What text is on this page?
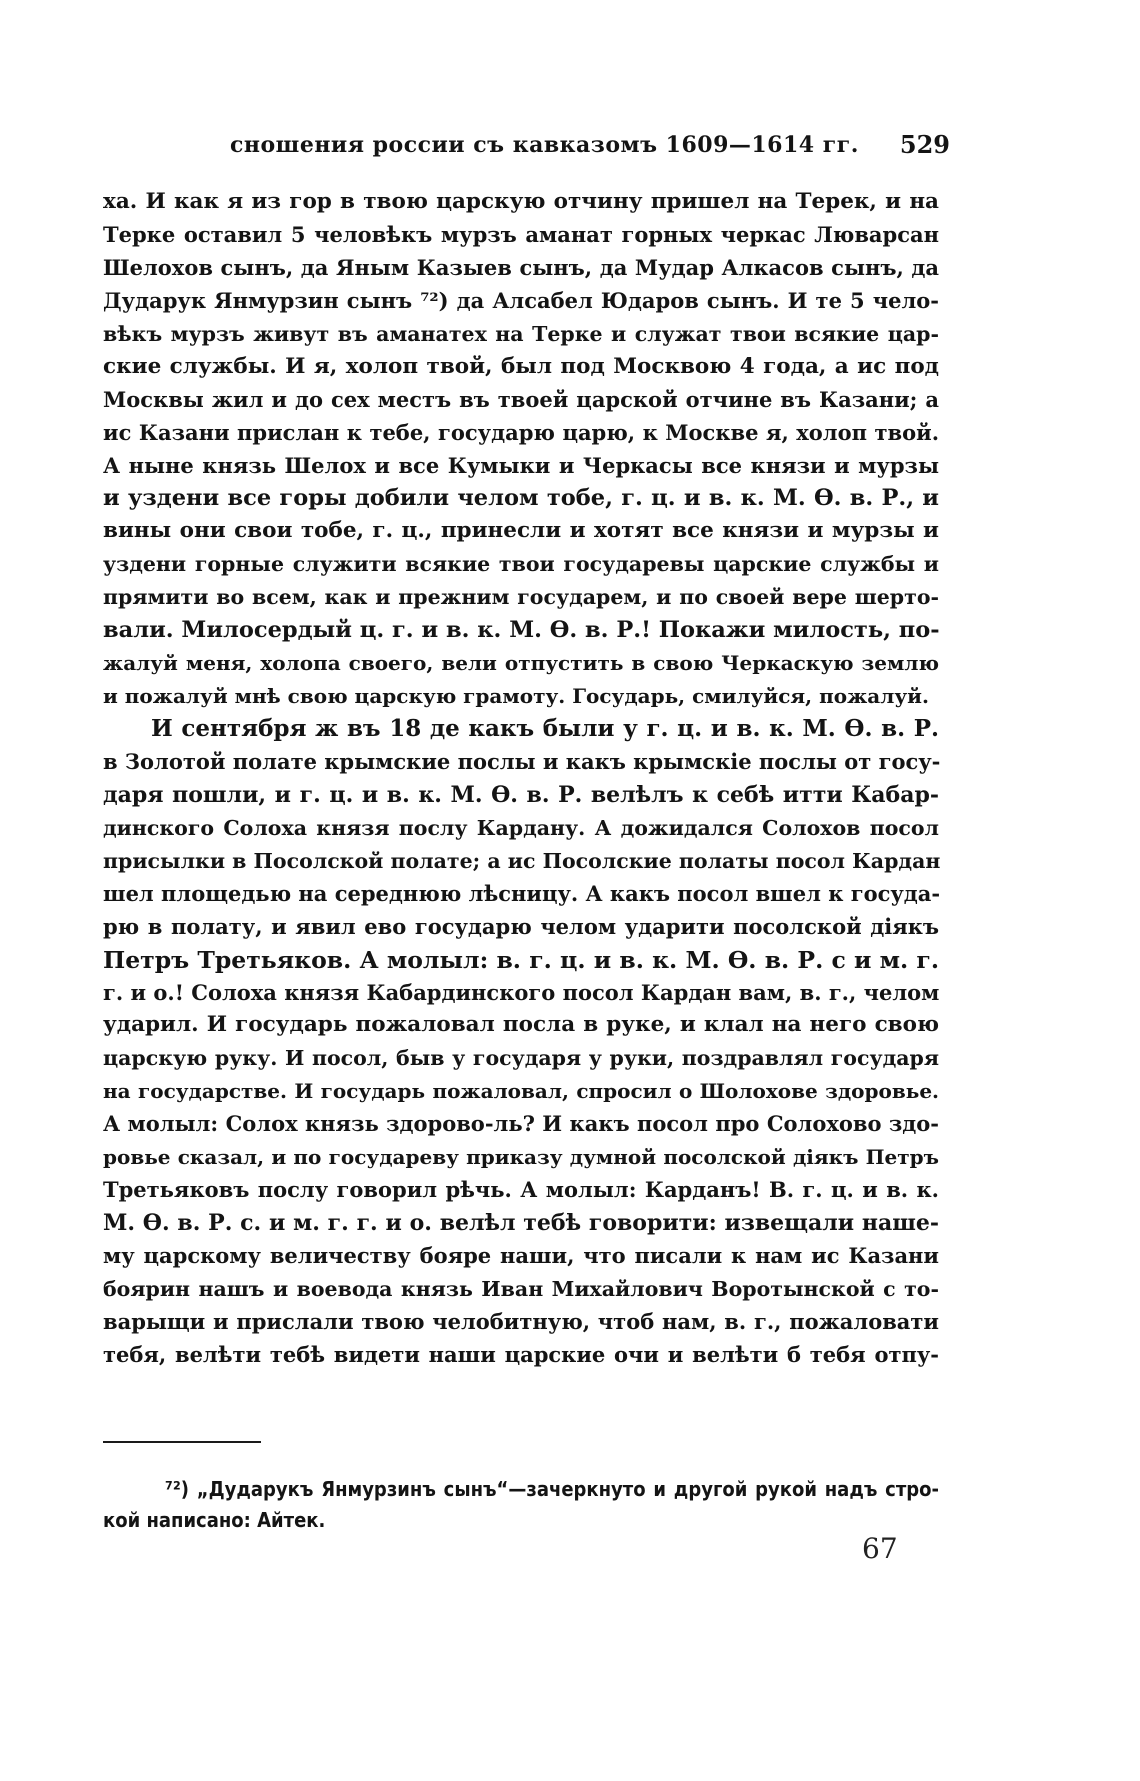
сношения россии съ кавказомъ 1609—1614 гг. 529
ха. И как я из гор в твою царскую отчину пришел на Терек, и на
Терке оставил 5 человѣкъ мурзъ аманат горных черкас Люварсан
Шелохов сынъ, да Яным Казыев сынъ, да Мудар Алкасов сынъ, да
Дударук Янмурзин сынъ ⁷²) да Алсабел Юдаров сынъ. И те 5 чело-
вѣкъ мурзъ живут въ аманатех на Терке и служат твои всякие цар-
ские службы. И я, холоп твой, был под Москвою 4 года, а ис под
Москвы жил и до сех местъ въ твоей царской отчине въ Казани; а
ис Казани прислан к тебе, государю царю, к Москве я, холоп твой.
А ныне князь Шелох и все Кумыки и Черкасы все князи и мурзы
и уздени все горы добили челом тобе, г. ц. и в. к. М. Ѳ. в. Р., и
вины они свои тобе, г. ц., принесли и хотят все князи и мурзы и
уздени горные служити всякие твои государевы царские службы и
прямити во всем, как и прежним государем, и по своей вере шерто-
вали. Милосердый ц. г. и в. к. М. Ѳ. в. Р.! Покажи милость, по-
жалуй меня, холопа своего, вели отпустить в свою Черкаскую землю
и пожалуй мнѣ свою царскую грамоту. Государь, смилуйся, пожалуй.
И сентября ж въ 18 де какъ были у г. ц. и в. к. М. Ѳ. в. Р.
в Золотой полате крымские послы и какъ крымскіе послы от госу-
даря пошли, и г. ц. и в. к. М. Ѳ. в. Р. велѣлъ к себѣ итти Кабар-
динского Солоха князя послу Кардану. А дожидался Солохов посол
присылки в Посолской полате; а ис Посолские полаты посол Кардан
шел площедью на середнюю лѣсницу. А какъ посол вшел к госуда-
рю в полату, и явил ево государю челом ударити посолской діякъ
Петръ Третьяков. А молыл: в. г. ц. и в. к. М. Ѳ. в. Р. с и м. г.
г. и о.! Солоха князя Кабардинского посол Кардан вам, в. г., челом
ударил. И государь пожаловал посла в руке, и клал на него свою
царскую руку. И посол, быв у государя у руки, поздравлял государя
на государстве. И государь пожаловал, спросил о Шолохове здоровье.
А молыл: Солох князь здорово-ль? И какъ посол про Солохово здо-
ровье сказал, и по государеву приказу думной посолской діякъ Петръ
Третьяковъ послу говорил рѣчь. А молыл: Карданъ! В. г. ц. и в. к.
М. Ѳ. в. Р. с. и м. г. г. и о. велѣл тебѣ говорити: извещали наше-
му царскому величеству бояре наши, что писали к нам ис Казани
боярин нашъ и воевода князь Иван Михайлович Воротынской с то-
варыщи и прислали твою челобитную, чтоб нам, в. г., пожаловати
тебя, велѣти тебѣ видети наши царские очи и велѣти б тебя отпу-
⁷²) „Дударукъ Янмурзинъ сынъ“—зачеркнуто и другой рукой надъ стро-
кой написано: Айтек.
67
